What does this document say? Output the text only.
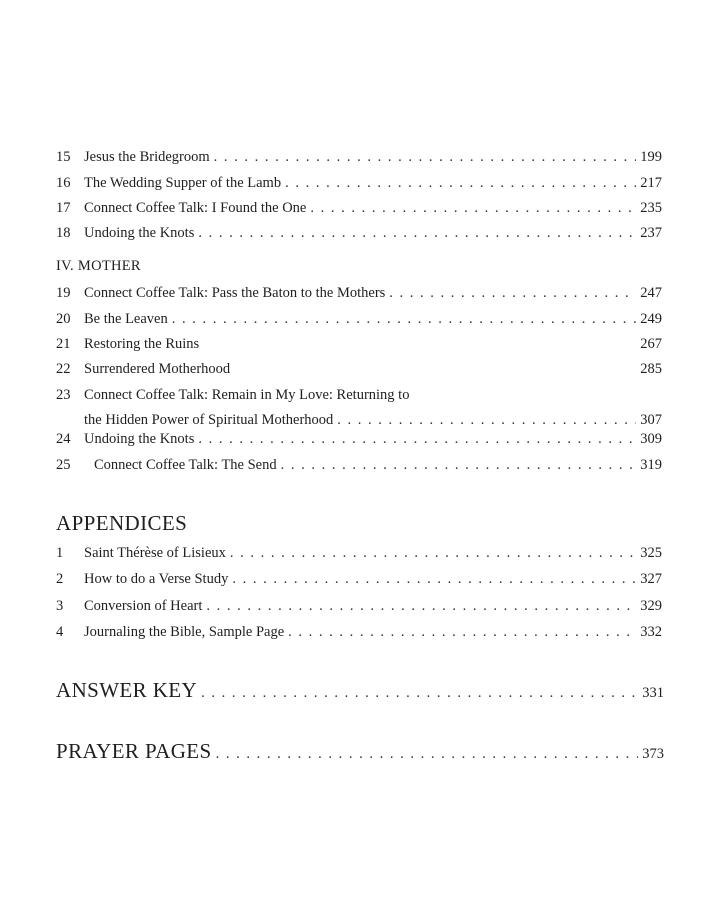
15 Jesus the Bridegroom . . .	199
16 The Wedding Supper of the Lamb . . .	217
17 Connect Coffee Talk: I Found the One . . .	235
18 Undoing the Knots . . .	237
IV. MOTHER
19 Connect Coffee Talk: Pass the Baton to the Mothers . . .	247
20 Be the Leaven . . .	249
21 Restoring the Ruins	267
22 Surrendered Motherhood	285
23 Connect Coffee Talk: Remain in My Love: Returning to
the Hidden Power of Spiritual Motherhood . . .	307
24 Undoing the Knots . . .	309
25	Connect Coffee Talk: The Send . . .	319
APPENDICES
1	Saint Thérèse of Lisieux . . .	325
2	How to do a Verse Study . . .	327
3	Conversion of Heart . . .	329
4	Journaling the Bible, Sample Page . . .	332
ANSWER KEY . . .	331
PRAYER PAGES . . .	373
